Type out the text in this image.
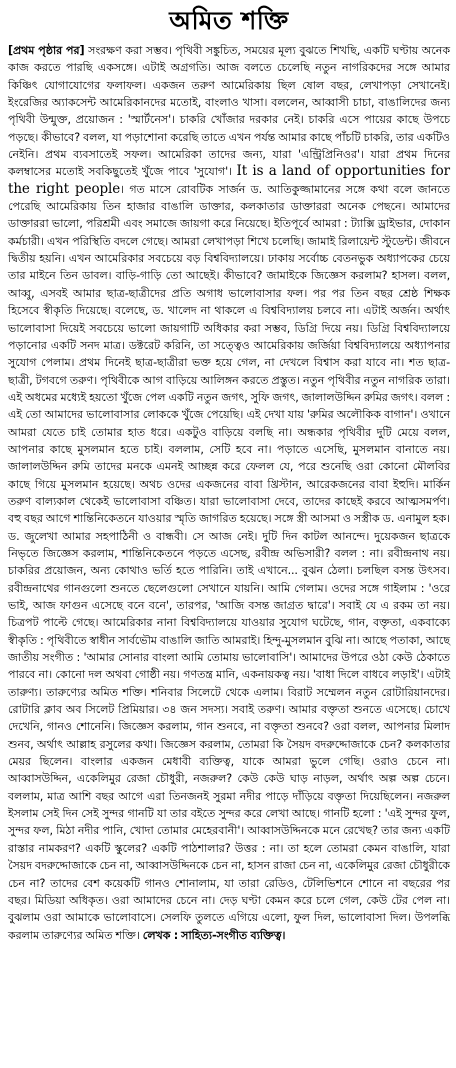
অমিত শক্তি

[প্রথম পৃষ্ঠার পর] সংরক্ষণ করা সম্ভব। পৃথিবী সঙ্কুচিত, সময়ের মূল্য বুঝতে শিখছি, একটি ঘণ্টায় অনেক কাজ করতে পারছি একসঙ্গে। এটাই অগ্রগতি। আজ বলতে চেলেছি নতুন নাগরিকদের সঙ্গে আমার কিঞ্চিৎ যোগাযোগের ফলাফল। একজন তরুণ আমেরিকায় ছিল ষোল বছর, লেখাপড়া সেখানেই। ইংরেজির অ্যাকসেন্ট আমেরিকানদের মতোই, বাংলাও খাসা। বললেন, আব্বাসী চাচা, বাঙালিদের জন্য পৃথিবী উন্মুক্ত, প্রয়োজন : 'স্মার্টনেস'। চাকরি খোঁজার দরকার নেই। চাকরি এসে পায়ের কাছে উপচে পড়ছে। কীভাবে? বলল, যা পড়াশোনা করেছি তাতে এখন পর্যন্ত আমার কাছে পাঁচটি চাকরি, তার একটিও নেইনি। প্রথম ব্যবসাতেই সফল। আমেরিকা তাদের জন্য, যারা 'এন্ট্রিপ্রিনিওর'। যারা প্রথম দিনের কলম্বাসের মতোই সবকিছুতেই খুঁজে পাবে 'সুযোগ'। It is a land of opportunities for the right people। গত মাসে রোবটিক সার্জন ড. আতিকুজ্জামানের সঙ্গে কথা বলে জানতে পেরেছি আমেরিকায় তিন হাজার বাঙালি ডাক্তার, কলকাতার ডাক্তাররা অনেক পেছনে। আমাদের ডাক্তাররা ভালো, পরিশ্রমী এবং সমাজে জায়গা করে নিয়েছে। ইতিপূর্বে আমরা : ট্যাক্সি ড্রাইভার, দোকান কর্মচারী। এখন পরিস্থিতি বদলে গেছে। আমরা লেখাপড়া শিখে চলেছি। জামাই রিলায়েন্ট স্টুডেন্ট। জীবনে দ্বিতীয় হয়নি। এখন আমেরিকার সবচেয়ে বড় বিশ্ববিদ্যালয়ে। ঢাকায় সর্বোচ্চ বেতনভুক অধ্যাপকের চেয়ে তার মাইনে তিন ডাবল। বাড়ি-গাড়ি তো আছেই। কীভাবে? জামাইকে জিজ্ঞেস করলাম? হাসল। বলল, আব্বু, এসবই আমার ছাত্র-ছাত্রীদের প্রতি অগাধ ভালোবাসার ফল। পর পর তিন বছর শ্রেষ্ঠ শিক্ষক হিসেবে স্বীকৃতি দিয়েছে। বলেছে, ড. খালেদ না থাকলে এ বিশ্ববিদ্যালয় চলবে না। এটাই অর্জন। অর্থাৎ ভালোবাসা দিয়েই সবচেয়ে ভালো জায়গাটি অধিকার করা সম্ভব, ডিগ্রি দিয়ে নয়। ডিগ্রি বিশ্ববিদ্যালয়ে পড়ানোর একটি সনদ মাত্র। ডক্টরেট করিনি, তা সত্ত্বেও আমেরিকায় জর্জিয়া বিশ্ববিদ্যালয়ে অধ্যাপনার সুযোগ পেলাম। প্রথম দিনেই ছাত্র-ছাত্রীরা ভক্ত হয়ে গেল, না দেখলে বিশ্বাস করা যাবে না। শত ছাত্র-ছাত্রী, টগবগে তরুণ। পৃথিবীকে আগ বাড়িয়ে আলিঙ্গন করতে প্রস্তুত। নতুন পৃথিবীর নতুন নাগরিক তারা। এই অধমের মধ্যেই হয়তো খুঁজে পেল একটি নতুন জগৎ, সুফি জগৎ, জালালউদ্দিন রুমির জগৎ। বলল : এই তো আমাদের ভালোবাসার লোককে খুঁজে পেয়েছি। এই দেখা যায় 'রুমির অলৌকিক বাগান'। ওখানে আমরা যেতে চাই তোমার হাত ধরে। একটুও বাড়িয়ে বলছি না। অন্ধকার পৃথিবীর দুটি মেয়ে বলল, আপনার কাছে মুসলমান হতে চাই। বললাম, সেটি হবে না। পড়াতে এসেছি, মুসলমান বানাতে নয়। জালালউদ্দিন রুমি তাদের মনকে এমনই আচ্ছন্ন করে ফেলল যে, পরে শুনেছি ওরা কোনো মৌলবির কাছে গিয়ে মুসলমান হয়েছে। অথচ ওদের একজনের বাবা খ্রিস্টান, আরেকজনের বাবা ইহুদি। মার্কিন তরুণ বাল্যকাল থেকেই ভালোবাসা বঞ্চিত। যারা ভালোবাসা দেবে, তাদের কাছেই করবে আত্মসমর্পণ। বহু বছর আগে শান্তিনিকেতনে যাওয়ার স্মৃতি জাগরিত হয়েছে। সঙ্গে স্ত্রী আসমা ও সস্ত্রীক ড. এনামুল হক। ড. জুলেখা আমার সহপাঠিনী ও বান্ধবী। সে আজ নেই। দুটি দিন কাটল আনন্দে। দুয়েকজন ছাত্রকে নিভৃতে জিজ্ঞেস করলাম, শান্তিনিকেতনে পড়তে এসেছ, রবীন্দ্র অভিসারী? বলল : না। রবীন্দ্রনাথ নয়। চাকরির প্রয়োজন, অন্য কোথাও ভর্তি হতে পারিনি। তাই এখানে... বুঝন ঠেলা। চলছিল বসন্ত উৎসব। রবীন্দ্রনাথের গানগুলো শুনতে ছেলেগুলো সেখানে যায়নি। আমি গেলাম। ওদের সঙ্গে গাইলাম : 'ওরে ভাই, আজ ফাগুন এসেছে বনে বনে', তারপর, 'আজি বসন্ত জাগ্রত দ্বারে'। সবাই যে এ রকম তা নয়। চিত্রপট পাল্টে গেছে। আমেরিকার নানা বিশ্ববিদ্যালয়ে যাওয়ার সুযোগ ঘটেছে, গান, বক্তৃতা, একবাক্যে স্বীকৃতি : পৃথিবীতে স্বাধীন সার্বভৌম বাঙালি জাতি আমরাই। হিন্দু-মুসলমান বুঝি না। আছে পতাকা, আছে জাতীয় সংগীত : 'আমার সোনার বাংলা আমি তোমায় ভালোবাসি'। আমাদের উপরে ওঠা কেউ ঠেকাতে পারবে না। কোনো দল অথবা গোষ্ঠী নয়। গণতন্ত্র মানি, একনায়কত্ব নয়। 'বাধা দিলে বাধবে লড়াই'। এটাই তারুণ্য। তারুণ্যের অমিত শক্তি। শনিবার সিলেটে থেকে এলাম। বিরাট সম্মেলন নতুন রোটারিয়ানদের। রোটারি ক্লাব অব সিলেট প্রিমিয়ার। ৩৪ জন সদস্য। সবাই তরুণ। আমার বক্তৃতা শুনতে এসেছে। চোখে দেখেনি, গানও শোনেনি। জিজ্ঞেস করলাম, গান শুনবে, না বক্তৃতা শুনবে? ওরা বলল, আপনার মিলাদ শুনব, অর্থাৎ আল্লাহ রসুলের কথা। জিজ্ঞেস করলাম, তোমরা কি সৈয়দ বদরুদ্দোজাকে চেন? কলকাতার মেয়র ছিলেন। বাংলার একজন মেধাবী ব্যক্তিত্ব, যাকে আমরা ভুলে গেছি। ওরাও চেনে না। আব্বাসউদ্দিন, একেলিমুর রেজা চৌধুরী, নজরুল? কেউ কেউ ঘাড় নাড়ল, অর্থাৎ অল্প অল্প চেনে। বললাম, মাত্র আশি বছর আগে এরা তিনজনই সুরমা নদীর পাড়ে দাঁড়িয়ে বক্তৃতা দিয়েছিলেন। নজরুল ইসলাম সেই দিন সেই সুন্দর গানটি যা তার বইতে সুন্দর করে লেখা আছে। গানটি হলো : 'এই সুন্দর ফুল, সুন্দর ফল, মিঠা নদীর পানি, খোদা তোমার মেহেরবানী'। আব্বাসউদ্দিনকে মনে রেখেছ? তার জন্য একটি রাস্তার নামকরণ? একটি স্কুলের? একটি পাঠশালার? উত্তর : না। তা হলে তোমরা কেমন বাঙালি, যারা সৈয়দ বদরুদ্দোজাকে চেন না, আব্বাসউদ্দিনকে চেন না, হাসন রাজা চেন না, একেলিমুর রেজা চৌধুরীকে চেন না? তাদের বেশ কয়েকটি গানও শোনালাম, যা তারা রেডিও, টেলিভিশনে শোনে না বছরের পর বছর। মিডিয়া অধিকৃত। ওরা আমাদের চেনে না। দেড় ঘণ্টা কেমন করে চলে গেল, কেউ টের পেল না। বুঝলাম ওরা আমাকে ভালোবাসে। সেলফি তুলতে এগিয়ে এলো, ফুল দিল, ভালোবাসা দিল। উপলব্ধি করলাম তারুণ্যের অমিত শক্তি। লেখক : সাহিত্য-সংগীত ব্যক্তিত্ব।
